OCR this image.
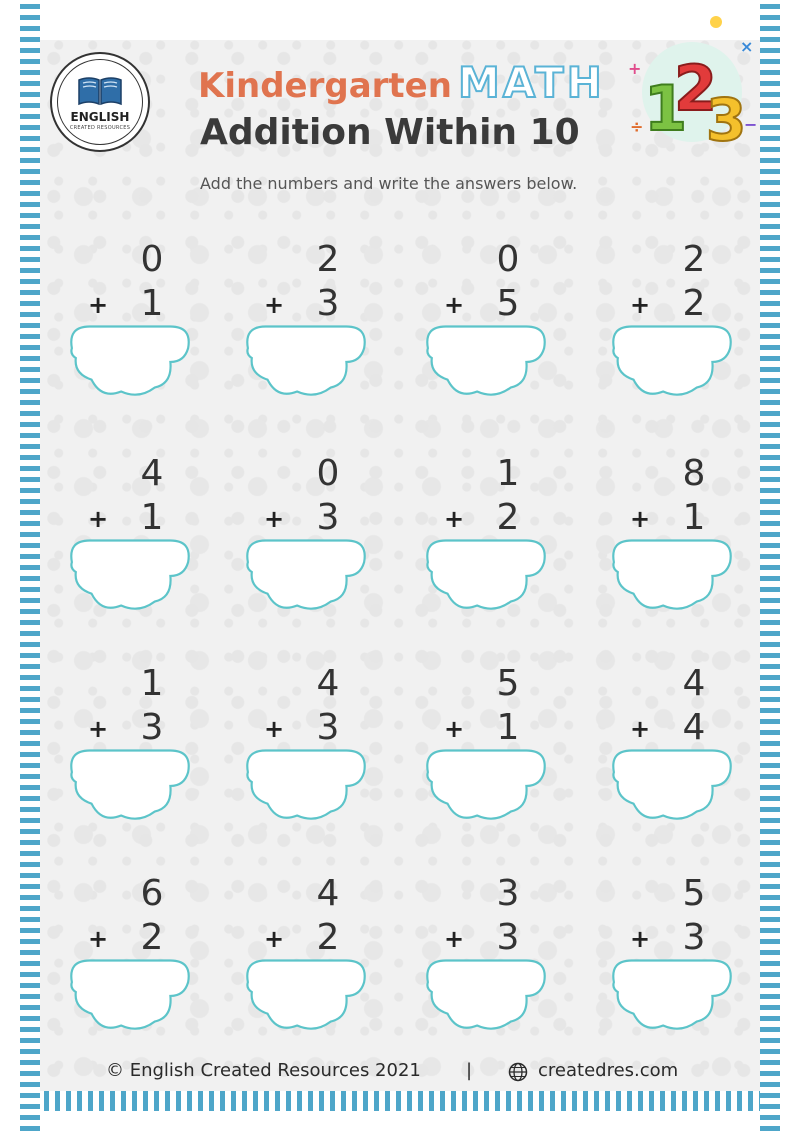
ENGLISH
CREATED RESOURCES
Kindergarten MATH
Addition Within 10
Add the numbers and write the answers below.
1
2
3
+
×
−
÷
0
+ 1
2
+ 3
0
+ 5
2
+ 2
4
+ 1
0
+ 3
1
+ 2
8
+ 1
1
+ 3
4
+ 3
5
+ 1
4
+ 4
6
+ 2
4
+ 2
3
+ 3
5
+ 3
© English Created Resources 2021	|	createdres.com
